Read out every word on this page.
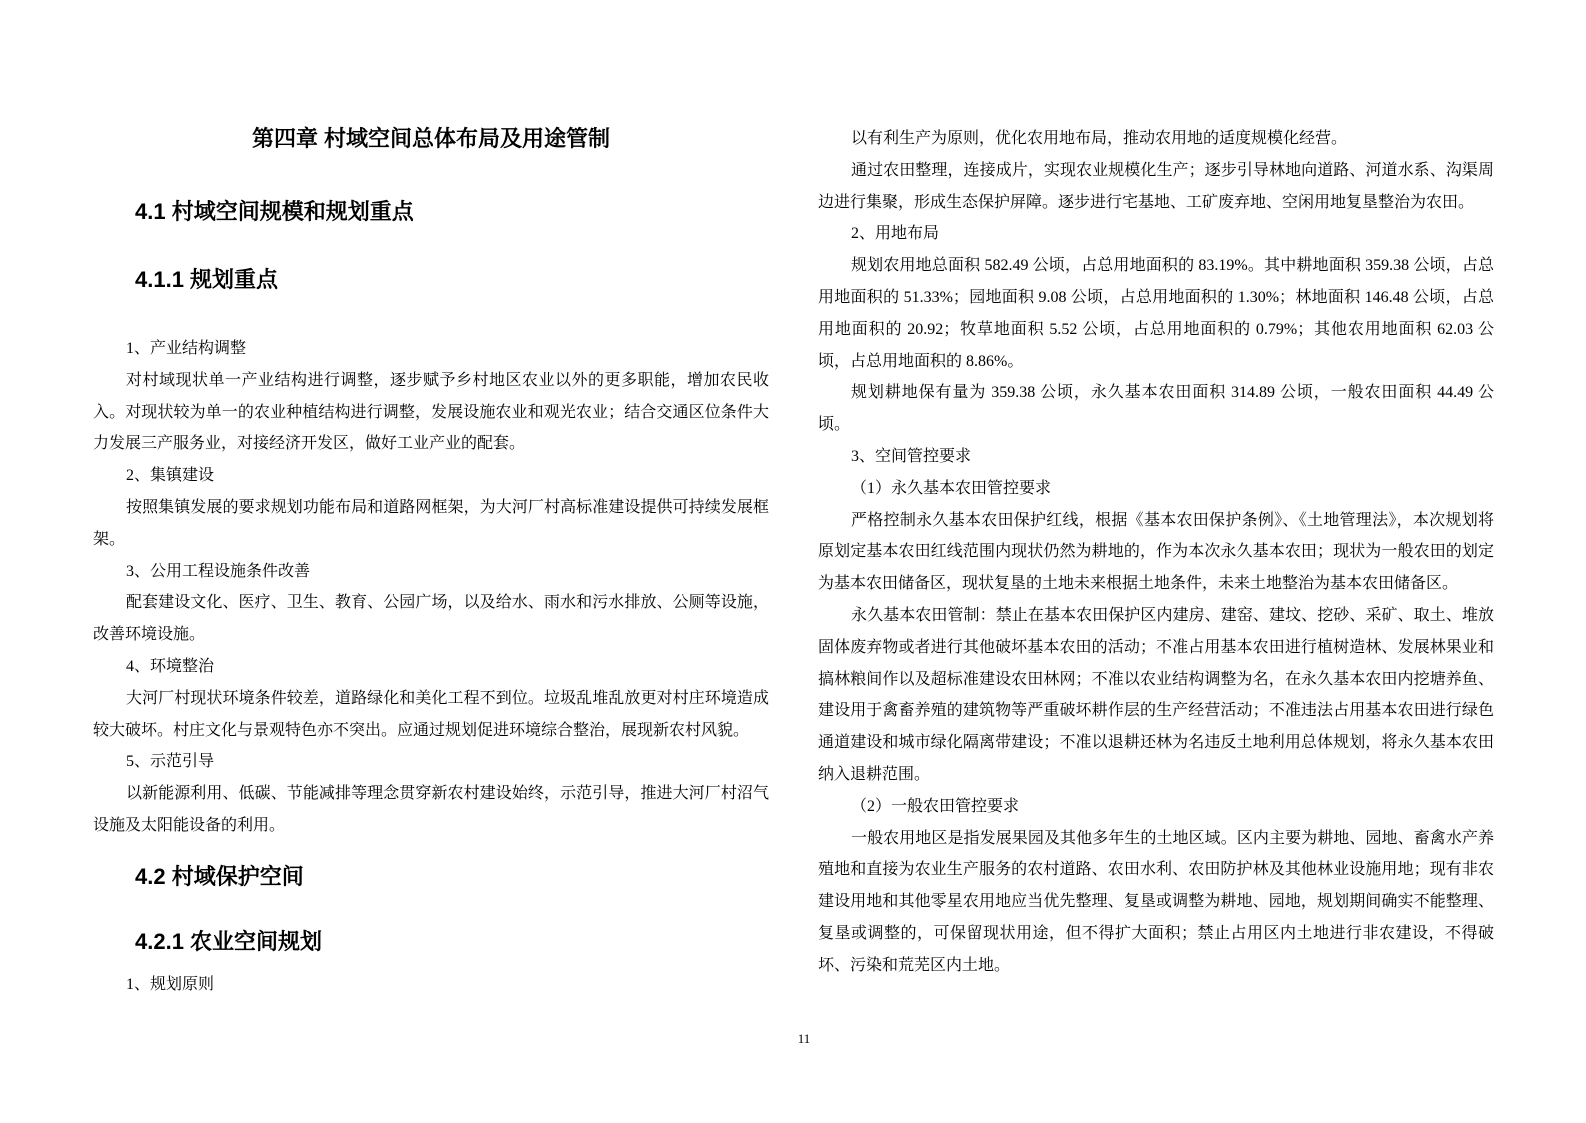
第四章 村域空间总体布局及用途管制
4.1 村域空间规模和规划重点
4.1.1 规划重点

1、产业结构调整

对村域现状单一产业结构进行调整，逐步赋予乡村地区农业以外的更多职能，增加农民收入。对现状较为单一的农业种植结构进行调整，发展设施农业和观光农业；结合交通区位条件大力发展三产服务业，对接经济开发区，做好工业产业的配套。

2、集镇建设

按照集镇发展的要求规划功能布局和道路网框架，为大河厂村高标准建设提供可持续发展框架。

3、公用工程设施条件改善

配套建设文化、医疗、卫生、教育、公园广场，以及给水、雨水和污水排放、公厕等设施，改善环境设施。

4、环境整治

大河厂村现状环境条件较差，道路绿化和美化工程不到位。垃圾乱堆乱放更对村庄环境造成较大破坏。村庄文化与景观特色亦不突出。应通过规划促进环境综合整治，展现新农村风貌。

5、示范引导

以新能源利用、低碳、节能减排等理念贯穿新农村建设始终，示范引导，推进大河厂村沼气设施及太阳能设备的利用。

4.2 村域保护空间
4.2.1 农业空间规划

1、规划原则

以有利生产为原则，优化农用地布局，推动农用地的适度规模化经营。

通过农田整理，连接成片，实现农业规模化生产；逐步引导林地向道路、河道水系、沟渠周边进行集聚，形成生态保护屏障。逐步进行宅基地、工矿废弃地、空闲用地复垦整治为农田。

2、用地布局

规划农用地总面积 582.49 公顷，占总用地面积的 83.19%。其中耕地面积 359.38 公顷，占总用地面积的 51.33%；园地面积 9.08 公顷，占总用地面积的 1.30%；林地面积 146.48 公顷，占总用地面积的 20.92；牧草地面积 5.52 公顷，占总用地面积的 0.79%；其他农用地面积 62.03 公顷，占总用地面积的 8.86%。

规划耕地保有量为 359.38 公顷，永久基本农田面积 314.89 公顷，一般农田面积 44.49 公顷。

3、空间管控要求

（1）永久基本农田管控要求

严格控制永久基本农田保护红线，根据《基本农田保护条例》、《土地管理法》，本次规划将原划定基本农田红线范围内现状仍然为耕地的，作为本次永久基本农田；现状为一般农田的划定为基本农田储备区，现状复垦的土地未来根据土地条件，未来土地整治为基本农田储备区。

永久基本农田管制：禁止在基本农田保护区内建房、建窑、建坟、挖砂、采矿、取土、堆放固体废弃物或者进行其他破坏基本农田的活动；不准占用基本农田进行植树造林、发展林果业和搞林粮间作以及超标准建设农田林网；不准以农业结构调整为名，在永久基本农田内挖塘养鱼、建设用于禽畜养殖的建筑物等严重破坏耕作层的生产经营活动；不准违法占用基本农田进行绿色通道建设和城市绿化隔离带建设；不准以退耕还林为名违反土地利用总体规划，将永久基本农田纳入退耕范围。

（2）一般农田管控要求

一般农用地区是指发展果园及其他多年生的土地区域。区内主要为耕地、园地、畜禽水产养殖地和直接为农业生产服务的农村道路、农田水利、农田防护林及其他林业设施用地；现有非农建设用地和其他零星农用地应当优先整理、复垦或调整为耕地、园地，规划期间确实不能整理、复垦或调整的，可保留现状用途，但不得扩大面积；禁止占用区内土地进行非农建设，不得破坏、污染和荒芜区内土地。

11
